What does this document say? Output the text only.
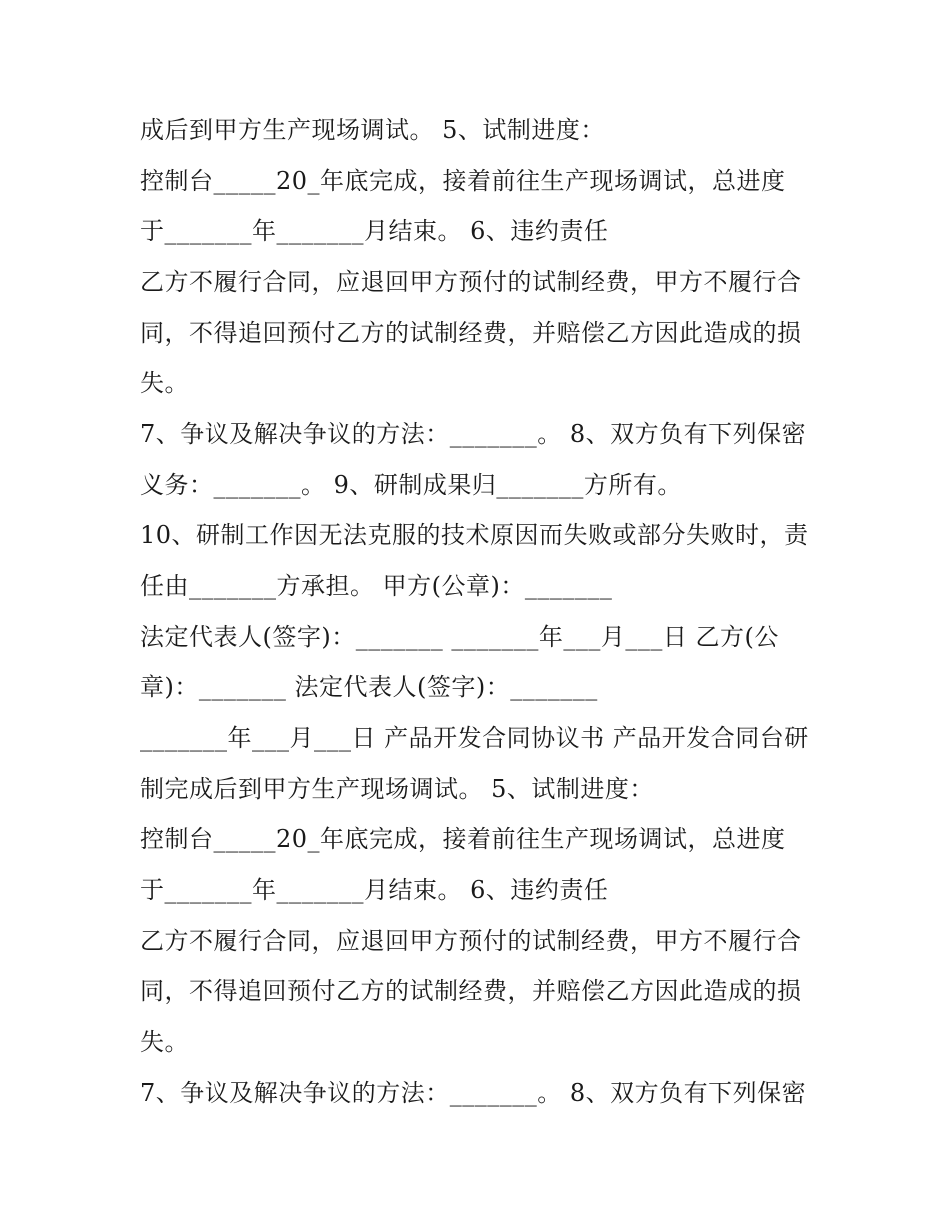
成后到甲方生产现场调试。 5、试制进度：
控制台_____20_年底完成，接着前往生产现场调试，总进度
于_______年_______月结束。 6、违约责任
乙方不履行合同，应退回甲方预付的试制经费，甲方不履行合
同，不得追回预付乙方的试制经费，并赔偿乙方因此造成的损
失。
7、争议及解决争议的方法：_______。 8、双方负有下列保密
义务：_______。 9、研制成果归_______方所有。
10、研制工作因无法克服的技术原因而失败或部分失败时，责
任由_______方承担。 甲方(公章)：_______
法定代表人(签字)：_______ _______年___月___日 乙方(公
章)：_______ 法定代表人(签字)：_______
_______年___月___日 产品开发合同协议书 产品开发合同台研
制完成后到甲方生产现场调试。 5、试制进度：
控制台_____20_年底完成，接着前往生产现场调试，总进度
于_______年_______月结束。 6、违约责任
乙方不履行合同，应退回甲方预付的试制经费，甲方不履行合
同，不得追回预付乙方的试制经费，并赔偿乙方因此造成的损
失。
7、争议及解决争议的方法：_______。 8、双方负有下列保密
